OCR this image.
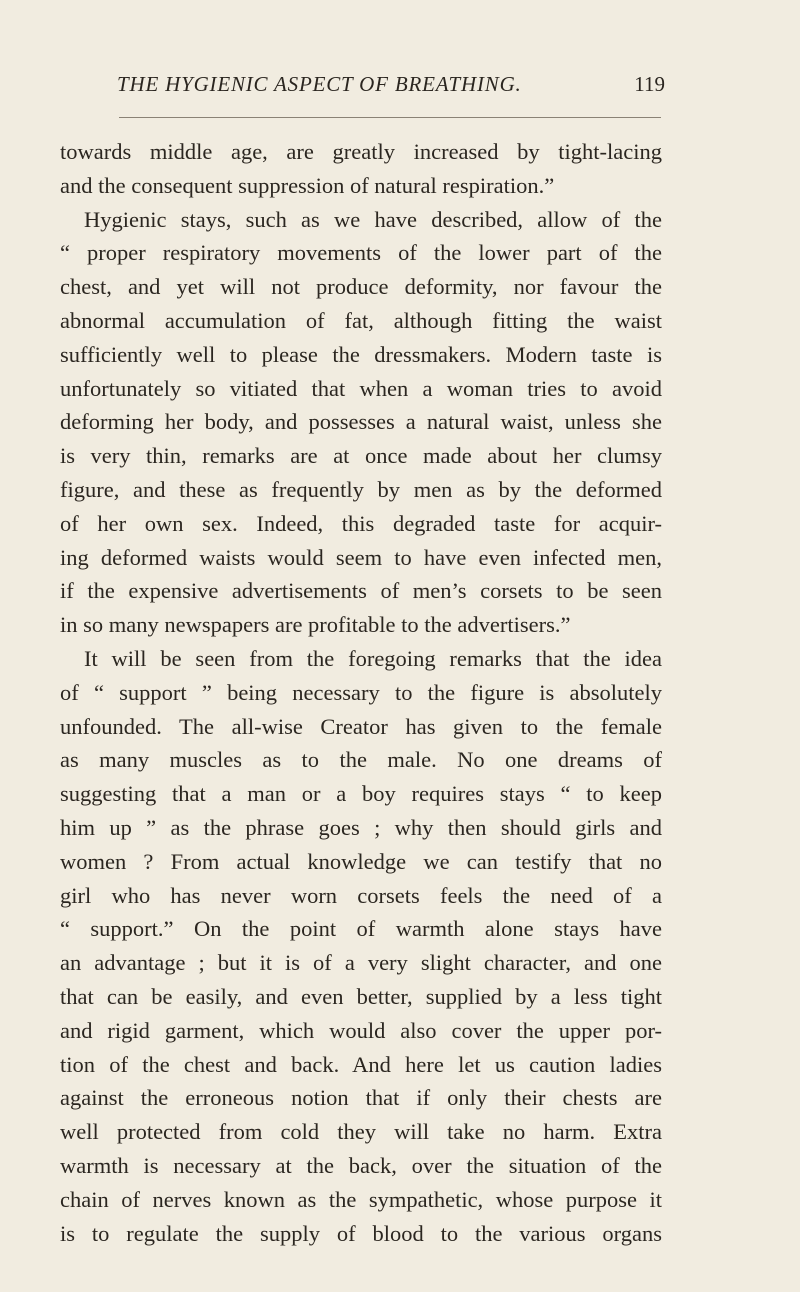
THE HYGIENIC ASPECT OF BREATHING.	119
towards middle age, are greatly increased by tight-lacing
and the consequent suppression of natural respiration.”
Hygienic stays, such as we have described, allow of the
“ proper respiratory movements of the lower part of the
chest, and yet will not produce deformity, nor favour the
abnormal accumulation of fat, although fitting the waist
sufficiently well to please the dressmakers. Modern taste is
unfortunately so vitiated that when a woman tries to avoid
deforming her body, and possesses a natural waist, unless she
is very thin, remarks are at once made about her clumsy
figure, and these as frequently by men as by the deformed
of her own sex. Indeed, this degraded taste for acquir-
ing deformed waists would seem to have even infected men,
if the expensive advertisements of men’s corsets to be seen
in so many newspapers are profitable to the advertisers.”
It will be seen from the foregoing remarks that the idea
of “ support ” being necessary to the figure is absolutely
unfounded. The all-wise Creator has given to the female
as many muscles as to the male. No one dreams of
suggesting that a man or a boy requires stays “ to keep
him up ” as the phrase goes ; why then should girls and
women ? From actual knowledge we can testify that no
girl who has never worn corsets feels the need of a
“ support.” On the point of warmth alone stays have
an advantage ; but it is of a very slight character, and one
that can be easily, and even better, supplied by a less tight
and rigid garment, which would also cover the upper por-
tion of the chest and back. And here let us caution ladies
against the erroneous notion that if only their chests are
well protected from cold they will take no harm. Extra
warmth is necessary at the back, over the situation of the
chain of nerves known as the sympathetic, whose purpose it
is to regulate the supply of blood to the various organs
